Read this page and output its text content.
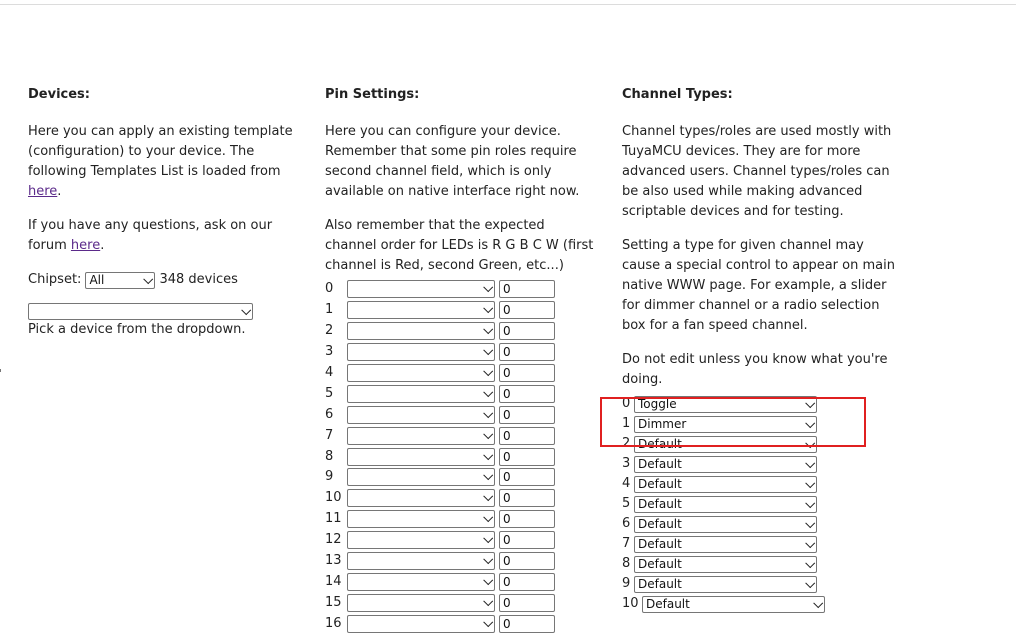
Devices:

Here you can apply an existing template (configuration) to your device. The following Templates List is loaded from here.

If you have any questions, ask on our forum here.

Chipset: All	348 devices
Pick a device from the dropdown.
Pin Settings:

Here you can configure your device. Remember that some pin roles require second channel field, which is only available on native interface right now.

Also remember that the expected channel order for LEDs is R G B C W (first channel is Red, second Green, etc...)

0
0
1
0
2
0
3
0
4
0
5
0
6
0
7
0
8
0
9
0
10
0
11
0
12
0
13
0
14
0
15
0
16
0
Channel Types:

Channel types/roles are used mostly with TuyaMCU devices. They are for more advanced users. Channel types/roles can be also used while making advanced scriptable devices and for testing.

Setting a type for given channel may cause a special control to appear on main native WWW page. For example, a slider for dimmer channel or a radio selection box for a fan speed channel.

Do not edit unless you know what you're doing.

0 Toggle
1 Dimmer
2 Default
3 Default
4 Default
5 Default
6 Default
7 Default
8 Default
9 Default
10 Default
